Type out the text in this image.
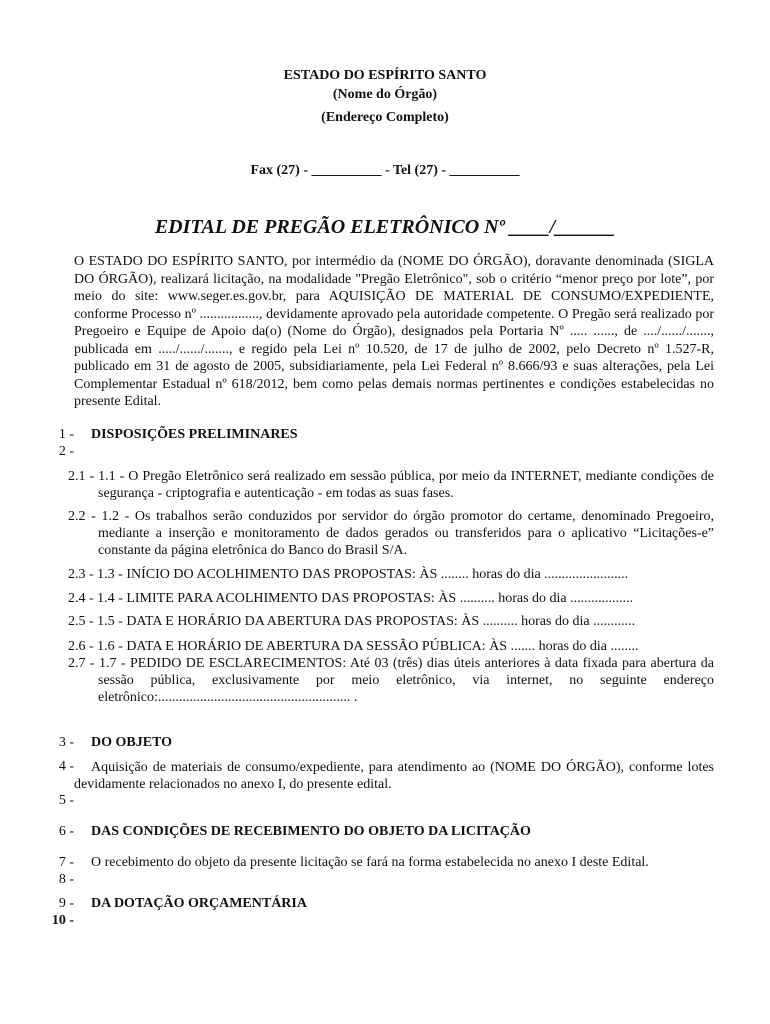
ESTADO DO ESPÍRITO SANTO
(Nome do Órgão)
(Endereço Completo)
Fax (27) - __________ - Tel (27) - __________
EDITAL DE PREGÃO ELETRÔNICO Nº ____/______
O ESTADO DO ESPÍRITO SANTO, por intermédio da (NOME DO ÓRGÃO), doravante denominada (SIGLA DO ÓRGÃO), realizará licitação, na modalidade "Pregão Eletrônico", sob o critério “menor preço por lote”, por meio do site: www.seger.es.gov.br, para AQUISIÇÃO DE MATERIAL DE CONSUMO/EXPEDIENTE, conforme Processo nº ................., devidamente aprovado pela autoridade competente. O Pregão será realizado por Pregoeiro e Equipe de Apoio da(o) (Nome do Órgão), designados pela Portaria Nº ..... ......, de ..../....../......., publicada em ...../....../......., e regido pela Lei nº 10.520, de 17 de julho de 2002, pelo Decreto nº 1.527-R, publicado em 31 de agosto de 2005, subsidiariamente, pela Lei Federal nº 8.666/93 e suas alterações, pela Lei Complementar Estadual nº 618/2012, bem como pelas demais normas pertinentes e condições estabelecidas no presente Edital.
1 - DISPOSIÇÕES PRELIMINARES
2 -
2.1 - 1.1 - O Pregão Eletrônico será realizado em sessão pública, por meio da INTERNET, mediante condições de segurança - criptografia e autenticação - em todas as suas fases.
2.2 - 1.2 - Os trabalhos serão conduzidos por servidor do órgão promotor do certame, denominado Pregoeiro, mediante a inserção e monitoramento de dados gerados ou transferidos para o aplicativo “Licitações-e” constante da página eletrônica do Banco do Brasil S/A.
2.3 - 1.3 - INÍCIO DO ACOLHIMENTO DAS PROPOSTAS: ÀS ........ horas do dia ........................
2.4 - 1.4 - LIMITE PARA ACOLHIMENTO DAS PROPOSTAS: ÀS .......... horas do dia ..................
2.5 - 1.5 - DATA E HORÁRIO DA ABERTURA DAS PROPOSTAS: ÀS .......... horas do dia ............
2.6 - 1.6 - DATA E HORÁRIO DE ABERTURA DA SESSÃO PÚBLICA: ÀS ....... horas do dia ........
2.7 - 1.7 - PEDIDO DE ESCLARECIMENTOS: Até 03 (três) dias úteis anteriores à data fixada para abertura da sessão pública, exclusivamente por meio eletrônico, via internet, no seguinte endereço eletrônico:....................................................... .
3 - DO OBJETO
4 -	Aquisição de materiais de consumo/expediente, para atendimento ao (NOME DO ÓRGÃO), conforme lotes devidamente relacionados no anexo I, do presente edital.
5 -
6 - DAS CONDIÇÕES DE RECEBIMENTO DO OBJETO DA LICITAÇÃO
7 - O recebimento do objeto da presente licitação se fará na forma estabelecida no anexo I deste Edital.
8 -
9 - DA DOTAÇÃO ORÇAMENTÁRIA
10 -
